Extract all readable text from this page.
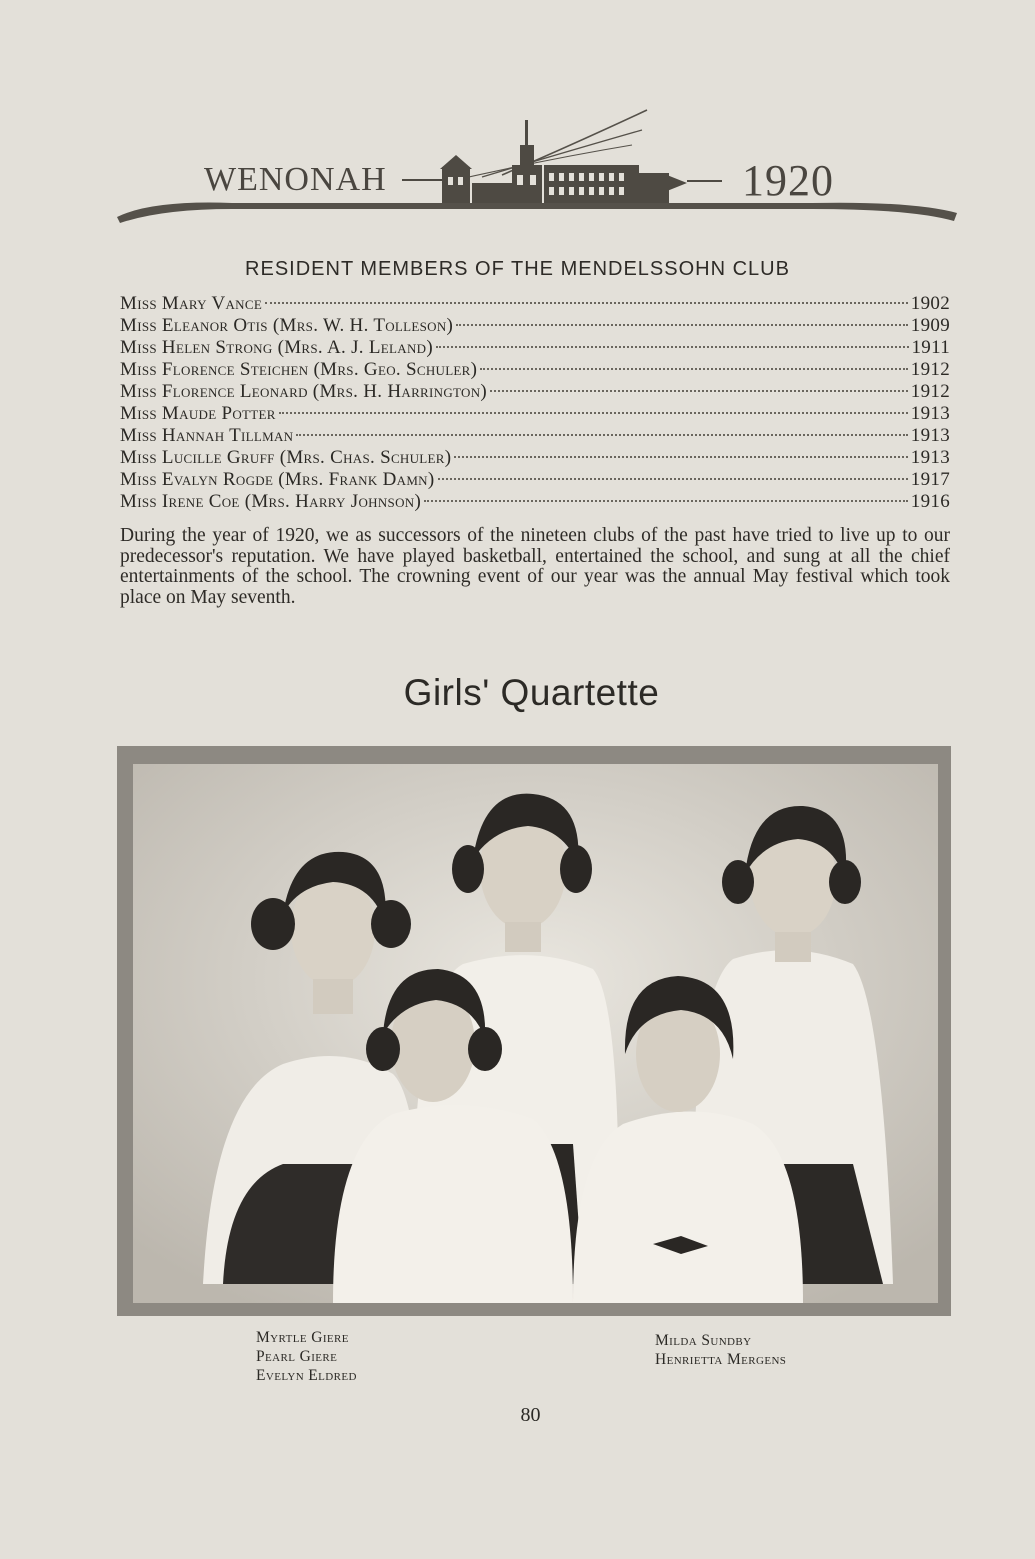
WENONAH	1920
RESIDENT MEMBERS OF THE MENDELSSOHN CLUB
Miss Mary Vance	1902
Miss Eleanor Otis (Mrs. W. H. Tolleson)	1909
Miss Helen Strong (Mrs. A. J. Leland)	1911
Miss Florence Steichen (Mrs. Geo. Schuler)	1912
Miss Florence Leonard (Mrs. H. Harrington)	1912
Miss Maude Potter	1913
Miss Hannah Tillman	1913
Miss Lucille Gruff (Mrs. Chas. Schuler)	1913
Miss Evalyn Rogde (Mrs. Frank Damn)	1917
Miss Irene Coe (Mrs. Harry Johnson)	1916
During the year of 1920, we as successors of the nineteen clubs of the past have tried to live up to our predecessor's reputation. We have played basketball, entertained the school, and sung at all the chief entertainments of the school. The crowning event of our year was the annual May festival which took place on May seventh.
Girls' Quartette
Myrtle Giere
Pearl Giere
Evelyn Eldred
Milda Sundby
Henrietta Mergens
80
